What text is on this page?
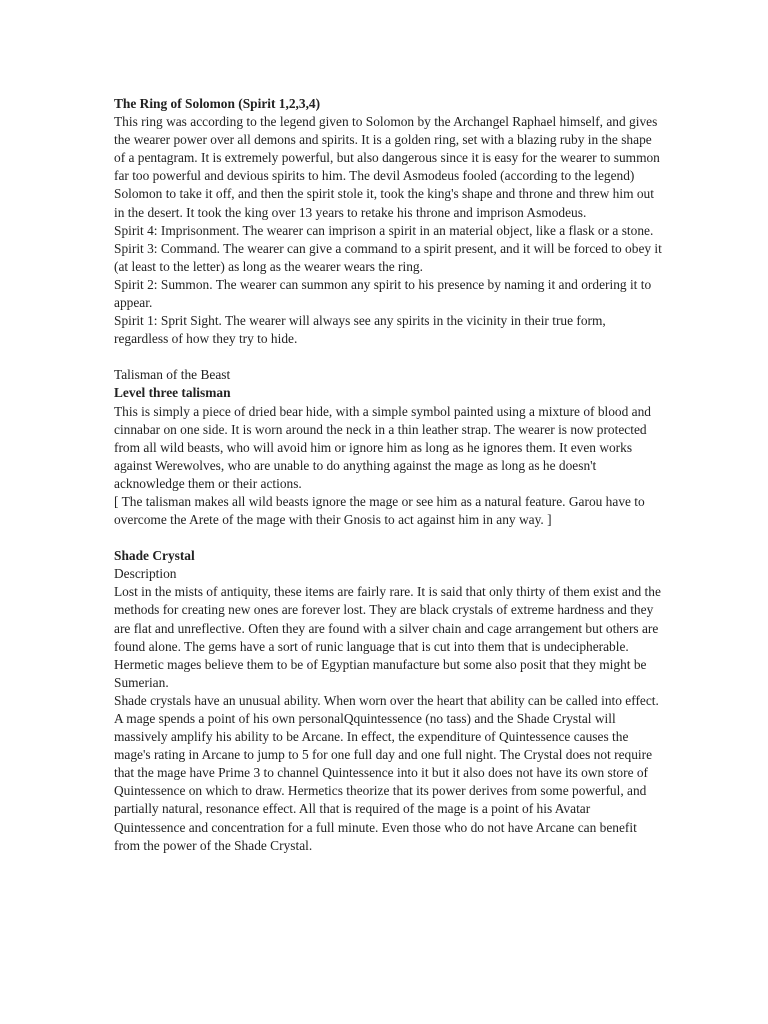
The Ring of Solomon (Spirit 1,2,3,4)

This ring was according to the legend given to Solomon by the Archangel Raphael himself, and gives the wearer power over all demons and spirits. It is a golden ring, set with a blazing ruby in the shape of a pentagram. It is extremely powerful, but also dangerous since it is easy for the wearer to summon far too powerful and devious spirits to him. The devil Asmodeus fooled (according to the legend) Solomon to take it off, and then the spirit stole it, took the king's shape and throne and threw him out in the desert. It took the king over 13 years to retake his throne and imprison Asmodeus.

Spirit 4: Imprisonment. The wearer can imprison a spirit in an material object, like a flask or a stone.

Spirit 3: Command. The wearer can give a command to a spirit present, and it will be forced to obey it (at least to the letter) as long as the wearer wears the ring.

Spirit 2: Summon. The wearer can summon any spirit to his presence by naming it and ordering it to appear.

Spirit 1: Sprit Sight. The wearer will always see any spirits in the vicinity in their true form, regardless of how they try to hide.

Talisman of the Beast

Level three talisman

This is simply a piece of dried bear hide, with a simple symbol painted using a mixture of blood and cinnabar on one side. It is worn around the neck in a thin leather strap. The wearer is now protected from all wild beasts, who will avoid him or ignore him as long as he ignores them. It even works against Werewolves, who are unable to do anything against the mage as long as he doesn't acknowledge them or their actions.

[ The talisman makes all wild beasts ignore the mage or see him as a natural feature. Garou have to overcome the Arete of the mage with their Gnosis to act against him in any way. ]

Shade Crystal

Description

Lost in the mists of antiquity, these items are fairly rare. It is said that only thirty of them exist and the methods for creating new ones are forever lost. They are black crystals of extreme hardness and they are flat and unreflective. Often they are found with a silver chain and cage arrangement but others are found alone. The gems have a sort of runic language that is cut into them that is undecipherable. Hermetic mages believe them to be of Egyptian manufacture but some also posit that they might be Sumerian.

Shade crystals have an unusual ability. When worn over the heart that ability can be called into effect. A mage spends a point of his own personalQquintessence (no tass) and the Shade Crystal will massively amplify his ability to be Arcane. In effect, the expenditure of Quintessence causes the mage's rating in Arcane to jump to 5 for one full day and one full night. The Crystal does not require that the mage have Prime 3 to channel Quintessence into it but it also does not have its own store of Quintessence on which to draw. Hermetics theorize that its power derives from some powerful, and partially natural, resonance effect. All that is required of the mage is a point of his Avatar Quintessence and concentration for a full minute. Even those who do not have Arcane can benefit from the power of the Shade Crystal.
